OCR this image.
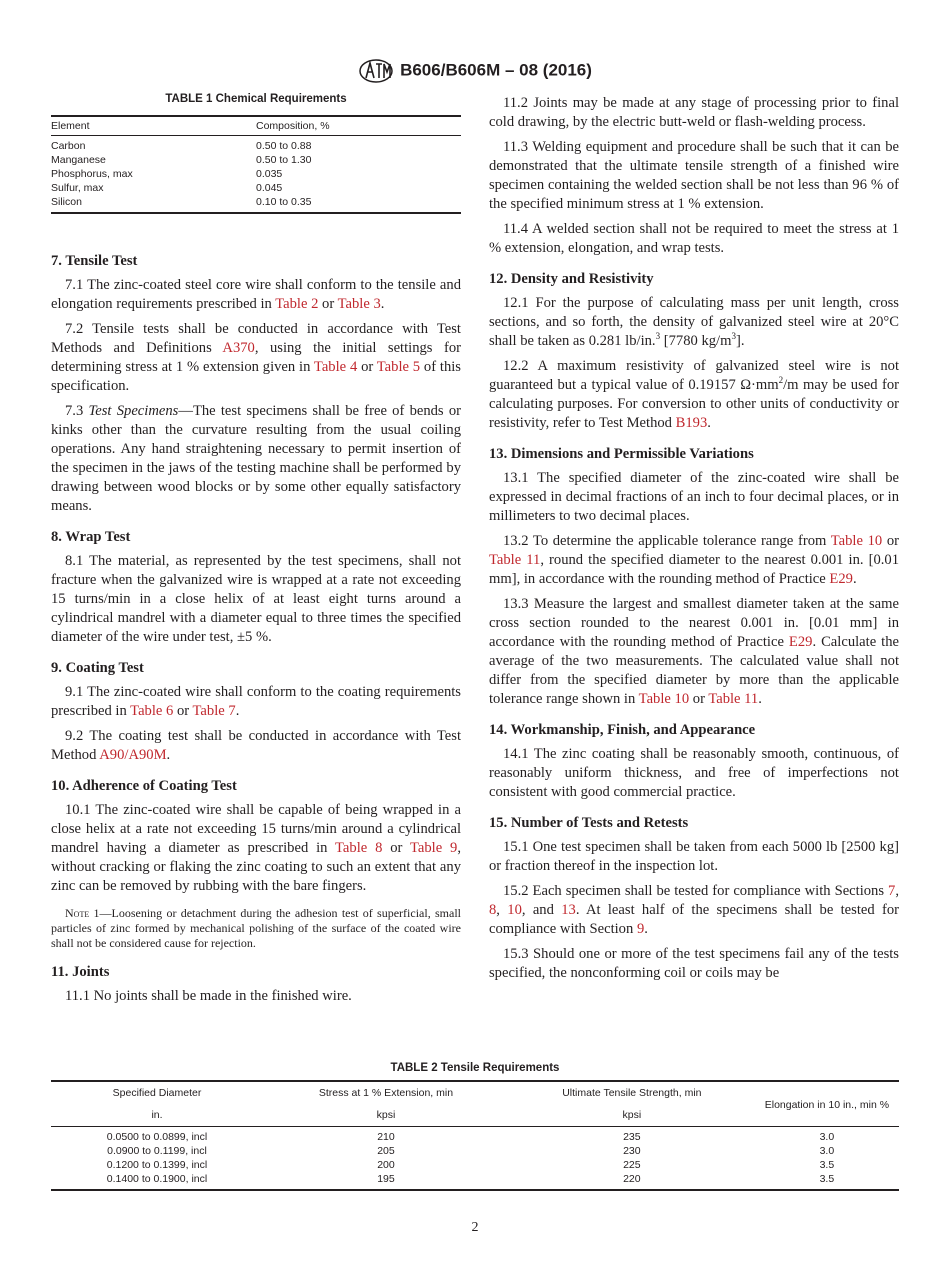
B606/B606M – 08 (2016)
TABLE 1 Chemical Requirements
Element	Composition, %
Carbon	0.50 to 0.88
Manganese	0.50 to 1.30
Phosphorus, max	0.035
Sulfur, max	0.045
Silicon	0.10 to 0.35
7. Tensile Test
7.1 The zinc-coated steel core wire shall conform to the tensile and elongation requirements prescribed in Table 2 or Table 3.
7.2 Tensile tests shall be conducted in accordance with Test Methods and Definitions A370, using the initial settings for determining stress at 1 % extension given in Table 4 or Table 5 of this specification.
7.3 Test Specimens—The test specimens shall be free of bends or kinks other than the curvature resulting from the usual coiling operations. Any hand straightening necessary to permit insertion of the specimen in the jaws of the testing machine shall be performed by drawing between wood blocks or by some other equally satisfactory means.
8. Wrap Test
8.1 The material, as represented by the test specimens, shall not fracture when the galvanized wire is wrapped at a rate not exceeding 15 turns/min in a close helix of at least eight turns around a cylindrical mandrel with a diameter equal to three times the specified diameter of the wire under test, ±5 %.
9. Coating Test
9.1 The zinc-coated wire shall conform to the coating requirements prescribed in Table 6 or Table 7.
9.2 The coating test shall be conducted in accordance with Test Method A90/A90M.
10. Adherence of Coating Test
10.1 The zinc-coated wire shall be capable of being wrapped in a close helix at a rate not exceeding 15 turns/min around a cylindrical mandrel having a diameter as prescribed in Table 8 or Table 9, without cracking or flaking the zinc coating to such an extent that any zinc can be removed by rubbing with the bare fingers.
Note 1—Loosening or detachment during the adhesion test of superficial, small particles of zinc formed by mechanical polishing of the surface of the coated wire shall not be considered cause for rejection.
11. Joints
11.1 No joints shall be made in the finished wire.
11.2 Joints may be made at any stage of processing prior to final cold drawing, by the electric butt-weld or flash-welding process.
11.3 Welding equipment and procedure shall be such that it can be demonstrated that the ultimate tensile strength of a finished wire specimen containing the welded section shall be not less than 96 % of the specified minimum stress at 1 % extension.
11.4 A welded section shall not be required to meet the stress at 1 % extension, elongation, and wrap tests.
12. Density and Resistivity
12.1 For the purpose of calculating mass per unit length, cross sections, and so forth, the density of galvanized steel wire at 20°C shall be taken as 0.281 lb/in.$^3$ [7780 $kg/m^3$].
12.2 A maximum resistivity of galvanized steel wire is not guaranteed but a typical value of 0.19157 $\Omega\cdot mm^2/m$ may be used for calculating purposes. For conversion to other units of conductivity or resistivity, refer to Test Method B193.
13. Dimensions and Permissible Variations
13.1 The specified diameter of the zinc-coated wire shall be expressed in decimal fractions of an inch to four decimal places, or in millimeters to two decimal places.
13.2 To determine the applicable tolerance range from Table 10 or Table 11, round the specified diameter to the nearest 0.001 in. [0.01 mm], in accordance with the rounding method of Practice E29.
13.3 Measure the largest and smallest diameter taken at the same cross section rounded to the nearest 0.001 in. [0.01 mm] in accordance with the rounding method of Practice E29. Calculate the average of the two measurements. The calculated value shall not differ from the specified diameter by more than the applicable tolerance range shown in Table 10 or Table 11.
14. Workmanship, Finish, and Appearance
14.1 The zinc coating shall be reasonably smooth, continuous, of reasonably uniform thickness, and free of imperfections not consistent with good commercial practice.
15. Number of Tests and Retests
15.1 One test specimen shall be taken from each 5000 lb [2500 kg] or fraction thereof in the inspection lot.
15.2 Each specimen shall be tested for compliance with Sections 7, 8, 10, and 13. At least half of the specimens shall be tested for compliance with Section 9.
15.3 Should one or more of the test specimens fail any of the tests specified, the nonconforming coil or coils may be
TABLE 2 Tensile Requirements
Specified Diameter	Stress at 1 % Extension, min	Ultimate Tensile Strength, min	Elongation in 10 in., min %
in.	kpsi	kpsi	
0.0500 to 0.0899, incl	210	235	3.0
0.0900 to 0.1199, incl	205	230	3.0
0.1200 to 0.1399, incl	200	225	3.5
0.1400 to 0.1900, incl	195	220	3.5
2
